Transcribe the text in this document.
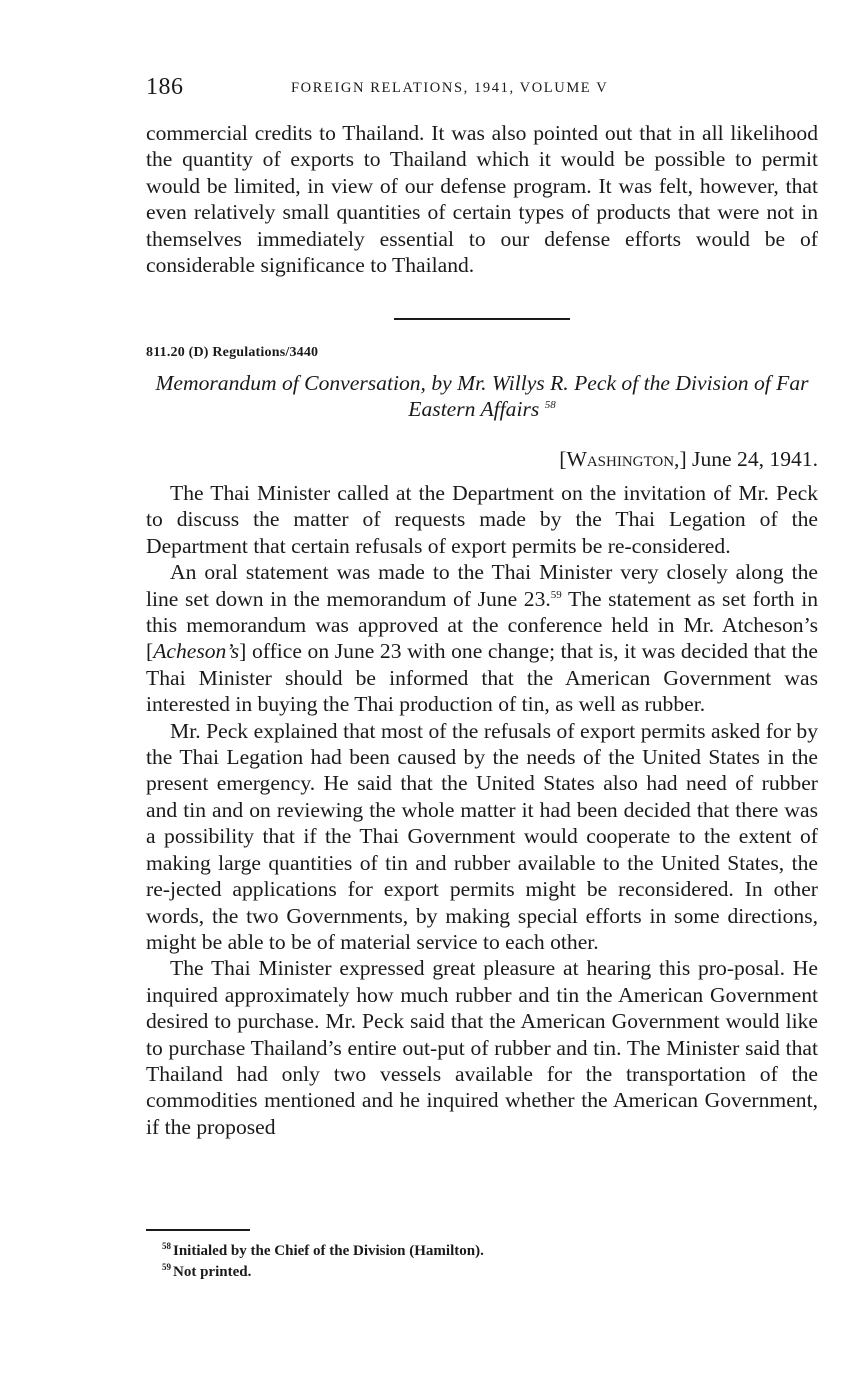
186	FOREIGN RELATIONS, 1941, VOLUME V

commercial credits to Thailand. It was also pointed out that in all likelihood the quantity of exports to Thailand which it would be possible to permit would be limited, in view of our defense program. It was felt, however, that even relatively small quantities of certain types of products that were not in themselves immediately essential to our defense efforts would be of considerable significance to Thailand.

811.20 (D) Regulations/3440
Memorandum of Conversation, by Mr. Willys R. Peck of the Division of Far Eastern Affairs $^{58}$
[Washington,] June 24, 1941.

The Thai Minister called at the Department on the invitation of Mr. Peck to discuss the matter of requests made by the Thai Legation of the Department that certain refusals of export permits be re-considered.

An oral statement was made to the Thai Minister very closely along the line set down in the memorandum of June 23.59 The statement as set forth in this memorandum was approved at the conference held in Mr. Atcheson’s [Acheson’s] office on June 23 with one change; that is, it was decided that the Thai Minister should be informed that the American Government was interested in buying the Thai production of tin, as well as rubber.

Mr. Peck explained that most of the refusals of export permits asked for by the Thai Legation had been caused by the needs of the United States in the present emergency. He said that the United States also had need of rubber and tin and on reviewing the whole matter it had been decided that there was a possibility that if the Thai Government would cooperate to the extent of making large quantities of tin and rubber available to the United States, the re-jected applications for export permits might be reconsidered. In other words, the two Governments, by making special efforts in some directions, might be able to be of material service to each other.

The Thai Minister expressed great pleasure at hearing this pro-posal. He inquired approximately how much rubber and tin the American Government desired to purchase. Mr. Peck said that the American Government would like to purchase Thailand’s entire out-put of rubber and tin. The Minister said that Thailand had only two vessels available for the transportation of the commodities mentioned and he inquired whether the American Government, if the proposed

$^{58}$ Initialed by the Chief of the Division (Hamilton).
$^{59}$ Not printed.
